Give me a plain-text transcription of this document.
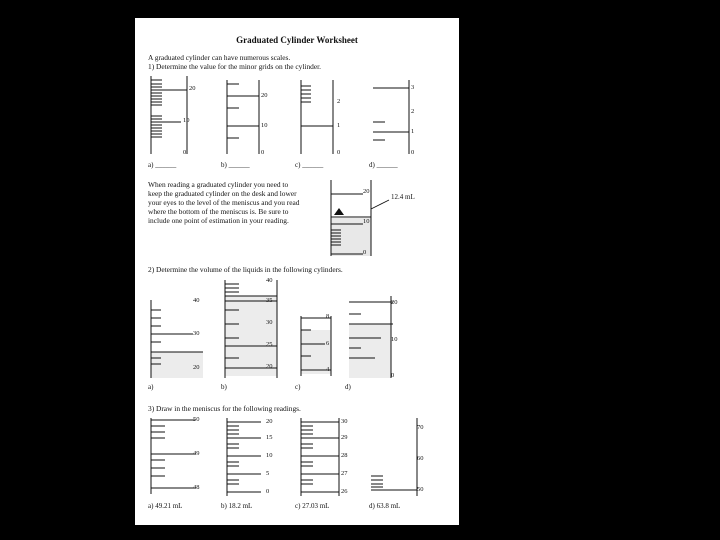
Graduated Cylinder Worksheet
A graduated cylinder can have numerous scales.
1) Determine the value for the minor grids on the cylinder.
20
10
0
20
10
0
2
1
0
3
2
1
0
a) ______	b) ______	c) ______	d) ______
When reading a graduated cylinder you need to
keep the graduated cylinder on the desk and lower
your eyes to the level of the meniscus and you read
where the bottom of the meniscus is. Be sure to
include one point of estimation in your reading.
20
10
0
12.4 mL
2) Determine the volume of the liquids in the following cylinders.
40
30
20
40
35
30
25
20
8
6
4
20
10
0
a)	b)	c)	d)
3) Draw in the meniscus for the following readings.
50
49
48
20
15
10
5
0
30
29
28
27
26
70
60
50
a) 49.21 mL	b) 18.2 mL	c) 27.03 mL	d) 63.8 mL
